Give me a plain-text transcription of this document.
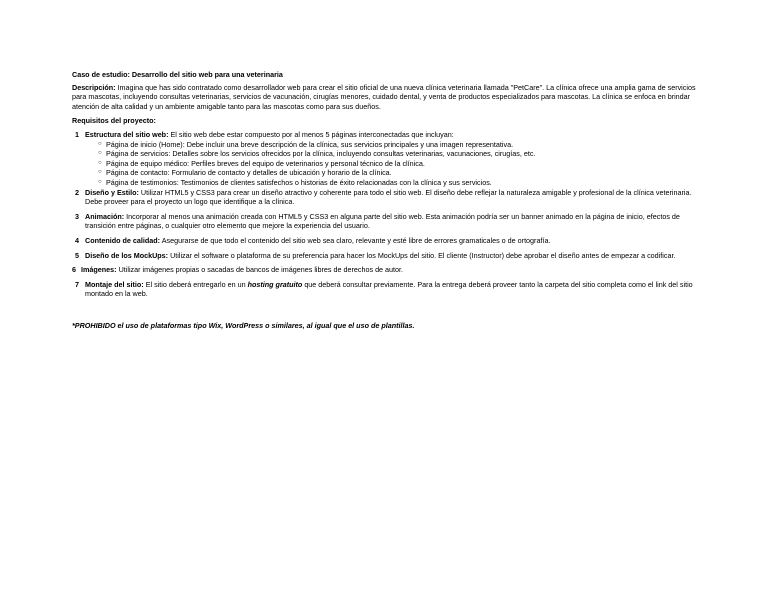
Caso de estudio: Desarrollo del sitio web para una veterinaria

Descripción: Imagina que has sido contratado como desarrollador web para crear el sitio oficial de una nueva clínica veterinaria llamada "PetCare". La clínica ofrece una amplia gama de servicios para mascotas, incluyendo consultas veterinarias, servicios de vacunación, cirugías menores, cuidado dental, y venta de productos especializados para mascotas. La clínica se enfoca en brindar atención de alta calidad y un ambiente amigable tanto para las mascotas como para sus dueños.

Requisitos del proyecto:

1 Estructura del sitio web: El sitio web debe estar compuesto por al menos 5 páginas interconectadas que incluyan:
○ Página de inicio (Home): Debe incluir una breve descripción de la clínica, sus servicios principales y una imagen representativa.
○ Página de servicios: Detalles sobre los servicios ofrecidos por la clínica, incluyendo consultas veterinarias, vacunaciones, cirugías, etc.
○ Página de equipo médico: Perfiles breves del equipo de veterinarios y personal técnico de la clínica.
○ Página de contacto: Formulario de contacto y detalles de ubicación y horario de la clínica.
○ Página de testimonios: Testimonios de clientes satisfechos o historias de éxito relacionadas con la clínica y sus servicios.
2 Diseño y Estilo: Utilizar HTML5 y CSS3 para crear un diseño atractivo y coherente para todo el sitio web. El diseño debe reflejar la naturaleza amigable y profesional de la clínica veterinaria. Debe proveer para el proyecto un logo que identifique a la clínica.
3 Animación: Incorporar al menos una animación creada con HTML5 y CSS3 en alguna parte del sitio web. Esta animación podría ser un banner animado en la página de inicio, efectos de transición entre páginas, o cualquier otro elemento que mejore la experiencia del usuario.
4 Contenido de calidad: Asegurarse de que todo el contenido del sitio web sea claro, relevante y esté libre de errores gramaticales o de ortografía.
5 Diseño de los MockUps: Utilizar el software o plataforma de su preferencia para hacer los MockUps del sitio. El cliente (Instructor) debe aprobar el diseño antes de empezar a codificar.
6 Imágenes: Utilizar imágenes propias o sacadas de bancos de imágenes libres de derechos de autor.
7 Montaje del sitio: El sitio deberá entregarlo en un hosting gratuito que deberá consultar previamente. Para la entrega deberá proveer tanto la carpeta del sitio completa como el link del sitio montado en la web.

*PROHIBIDO el uso de plataformas tipo Wix, WordPress o similares, al igual que el uso de plantillas.
